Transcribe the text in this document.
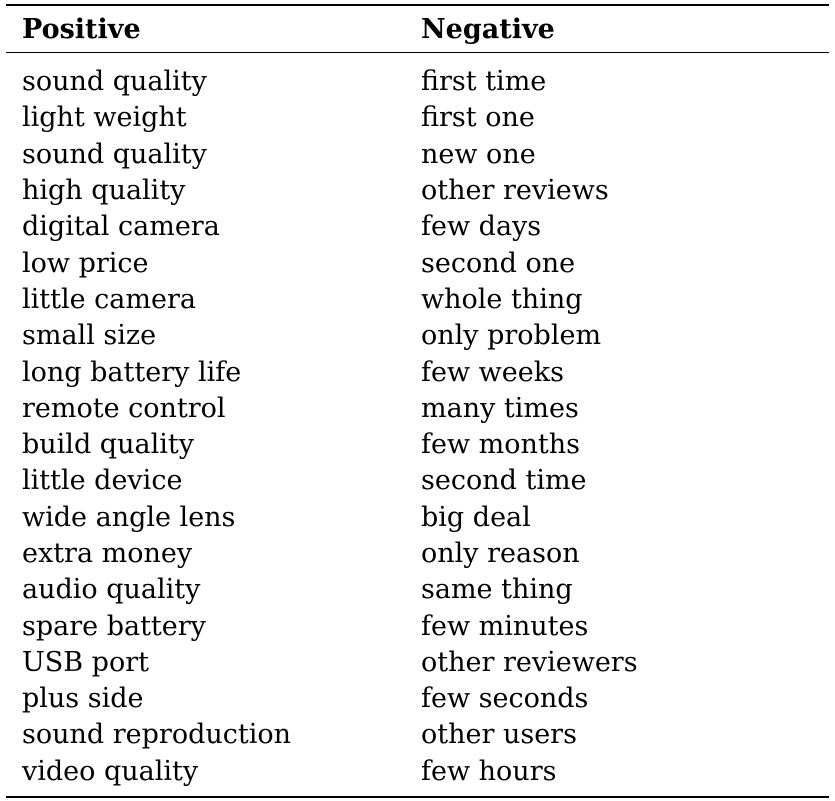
Positive	Negative
sound quality	first time
light weight	first one
sound quality	new one
high quality	other reviews
digital camera	few days
low price	second one
little camera	whole thing
small size	only problem
long battery life	few weeks
remote control	many times
build quality	few months
little device	second time
wide angle lens	big deal
extra money	only reason
audio quality	same thing
spare battery	few minutes
USB port	other reviewers
plus side	few seconds
sound reproduction	other users
video quality	few hours
